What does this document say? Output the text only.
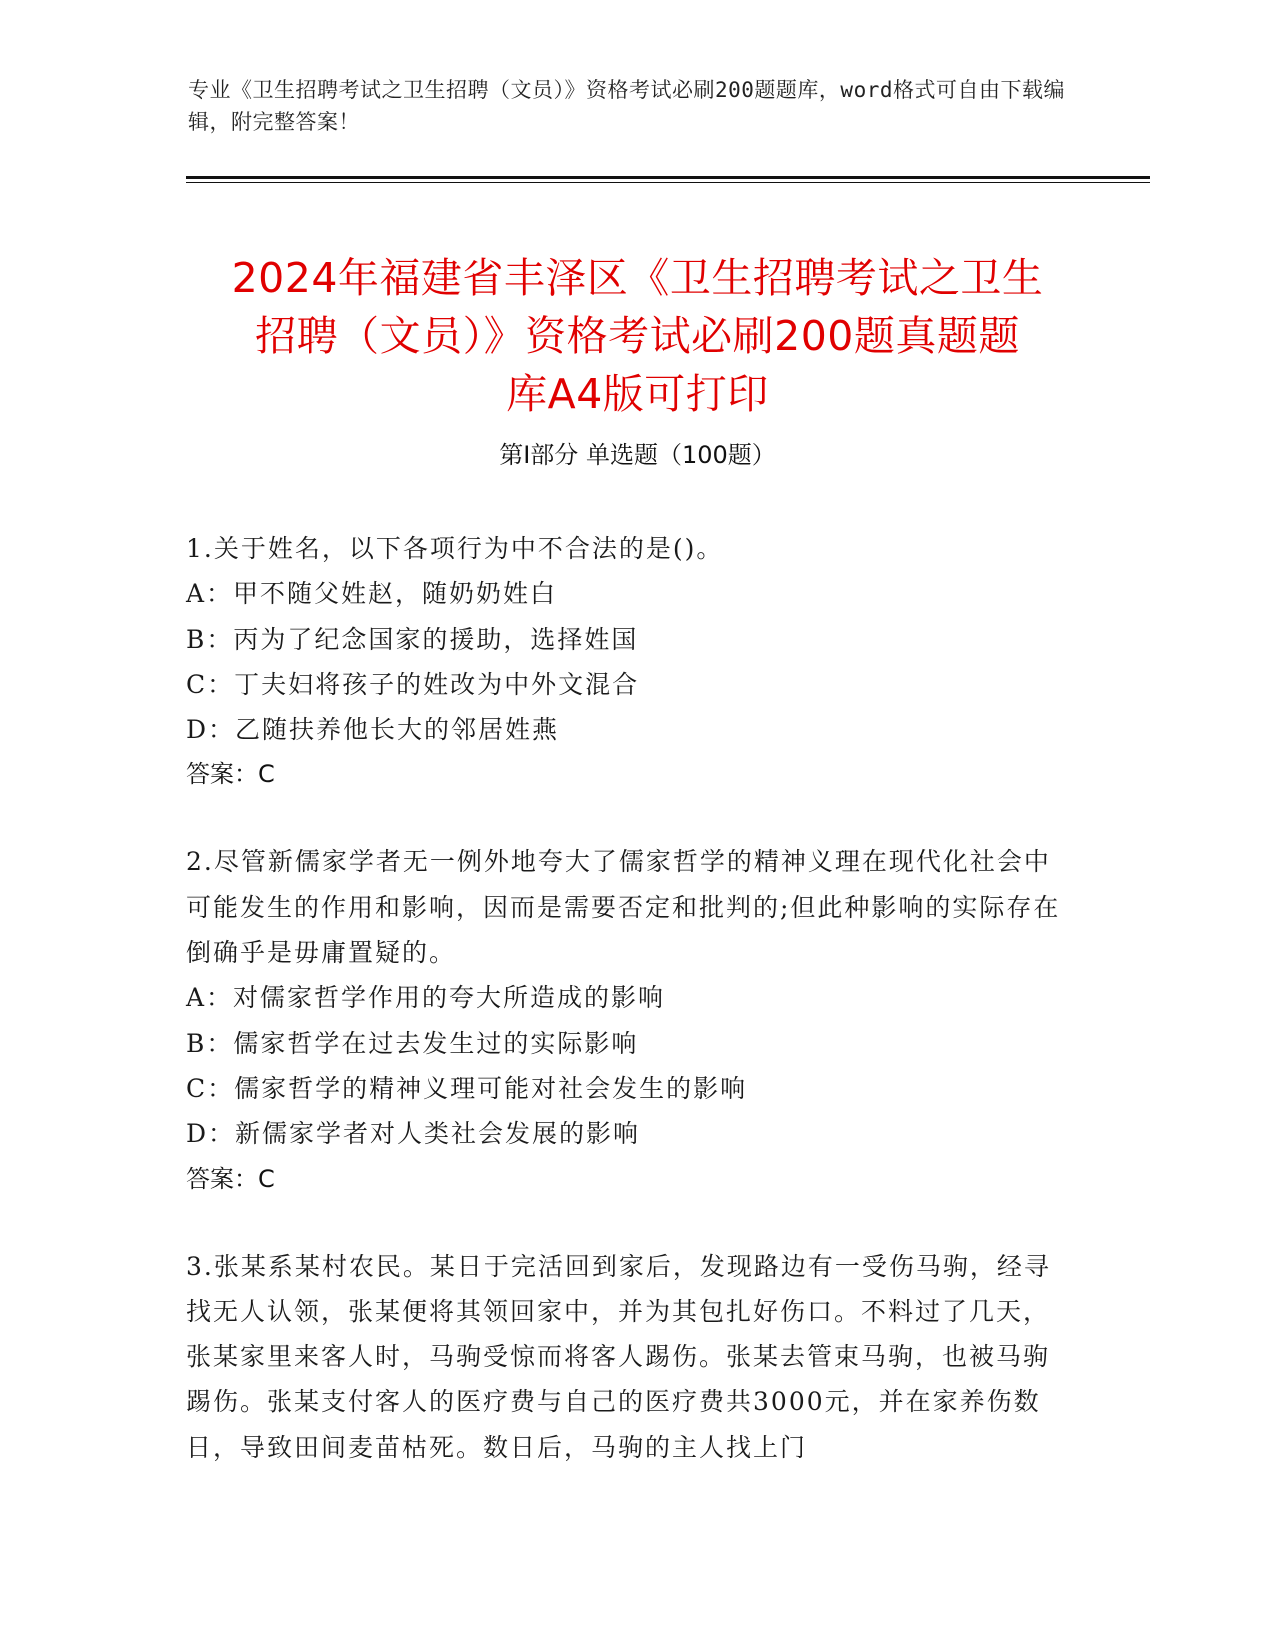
专业《卫生招聘考试之卫生招聘（文员）》资格考试必刷200题题库，word格式可自由下载编辑，附完整答案！
2024年福建省丰泽区《卫生招聘考试之卫生
招聘（文员）》资格考试必刷200题真题题
库A4版可打印
第Ⅰ部分 单选题（100题）
1.关于姓名，以下各项行为中不合法的是()。
A：甲不随父姓赵，随奶奶姓白
B：丙为了纪念国家的援助，选择姓国
C：丁夫妇将孩子的姓改为中外文混合
D：乙随扶养他长大的邻居姓燕
答案：C
2.尽管新儒家学者无一例外地夸大了儒家哲学的精神义理在现代化社会中可能发生的作用和影响，因而是需要否定和批判的;但此种影响的实际存在倒确乎是毋庸置疑的。
A：对儒家哲学作用的夸大所造成的影响
B：儒家哲学在过去发生过的实际影响
C：儒家哲学的精神义理可能对社会发生的影响
D：新儒家学者对人类社会发展的影响
答案：C
3.张某系某村农民。某日于完活回到家后，发现路边有一受伤马驹，经寻找无人认领，张某便将其领回家中，并为其包扎好伤口。不料过了几天，张某家里来客人时，马驹受惊而将客人踢伤。张某去管束马驹，也被马驹踢伤。张某支付客人的医疗费与自己的医疗费共3000元，并在家养伤数日，导致田间麦苗枯死。数日后，马驹的主人找上门
